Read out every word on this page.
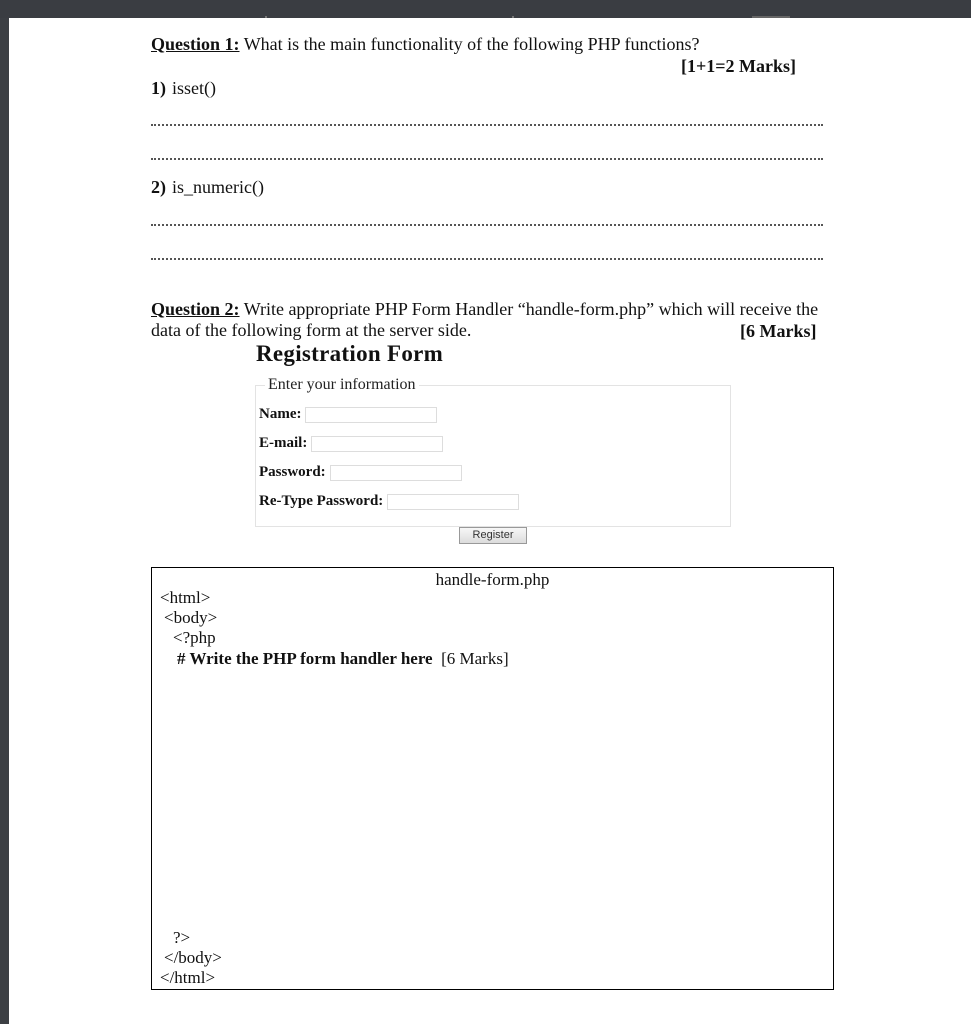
Question 1: What is the main functionality of the following PHP functions?
[1+1=2 Marks]
1) isset()
2) is_numeric()
Question 2: Write appropriate PHP Form Handler “handle-form.php” which will receive the data of the following form at the server side.	[6 Marks]
Registration Form
Enter your information
Name:
E-mail:
Password:
Re-Type Password:
Register
handle-form.php
<html>
<body>
<?php
# Write the PHP form handler here [6 Marks]
?>
</body>
</html>
